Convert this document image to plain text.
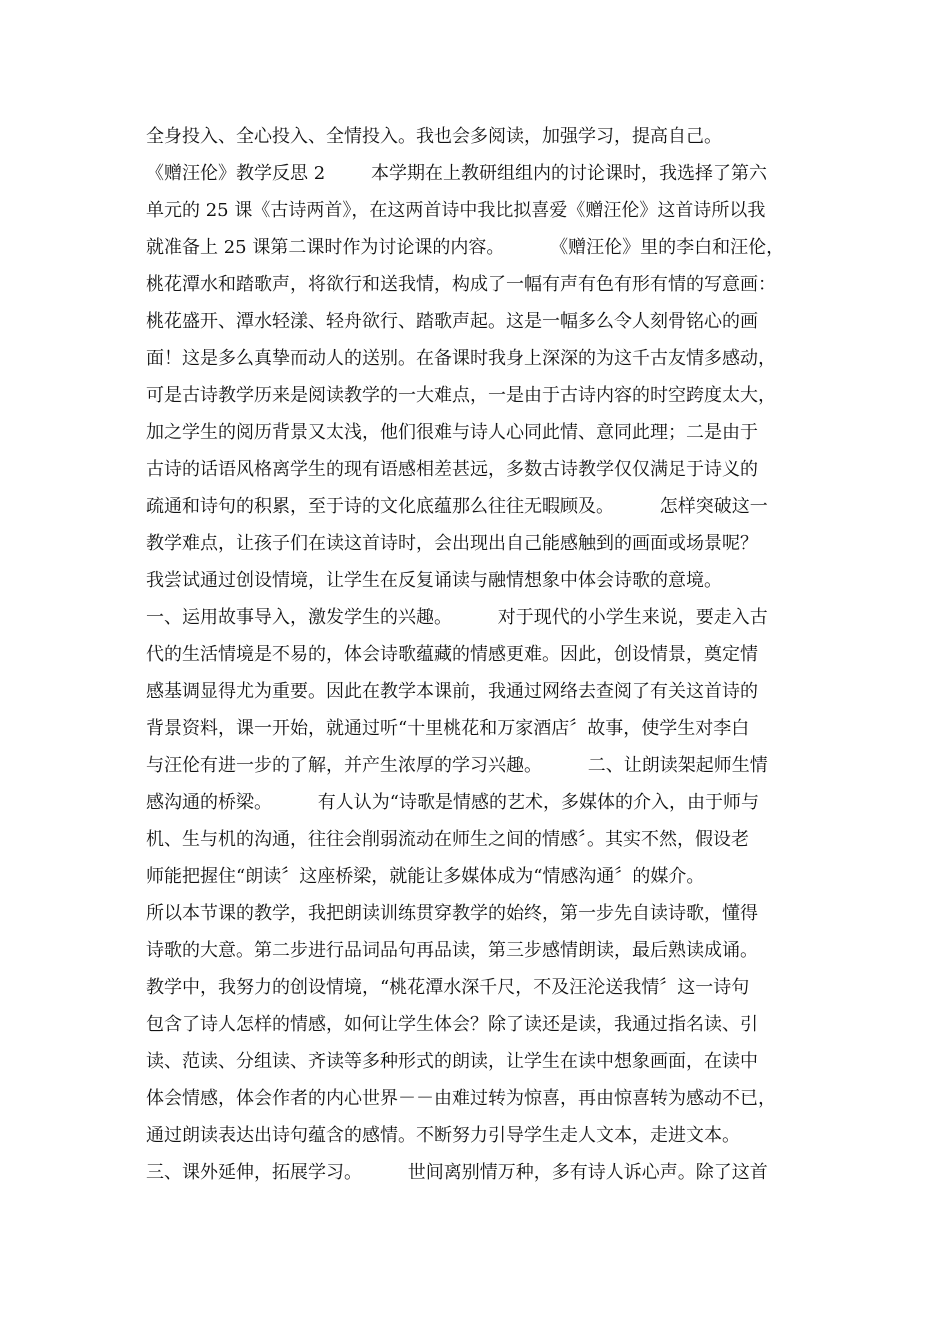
全身投入、全心投入、全情投入。我也会多阅读，加强学习，提高自己。
《赠汪伦》教学反思 2        本学期在上教研组组内的讨论课时，我选择了第六
单元的 25 课《古诗两首》，在这两首诗中我比拟喜爱《赠汪伦》这首诗所以我
就准备上 25 课第二课时作为讨论课的内容。        《赠汪伦》里的李白和汪伦，
桃花潭水和踏歌声，将欲行和送我情，构成了一幅有声有色有形有情的写意画：
桃花盛开、潭水轻漾、轻舟欲行、踏歌声起。这是一幅多么令人刻骨铭心的画
面！这是多么真挚而动人的送别。在备课时我身上深深的为这千古友情多感动，
可是古诗教学历来是阅读教学的一大难点，一是由于古诗内容的时空跨度太大，
加之学生的阅历背景又太浅，他们很难与诗人心同此情、意同此理；二是由于
古诗的话语风格离学生的现有语感相差甚远，多数古诗教学仅仅满足于诗义的
疏通和诗句的积累，至于诗的文化底蕴那么往往无暇顾及。        怎样突破这一
教学难点，让孩子们在读这首诗时，会出现出自己能感触到的画面或场景呢？
我尝试通过创设情境，让学生在反复诵读与融情想象中体会诗歌的意境。
一、运用故事导入，激发学生的兴趣。        对于现代的小学生来说，要走入古
代的生活情境是不易的，体会诗歌蕴藏的情感更难。因此，创设情景，奠定情
感基调显得尤为重要。因此在教学本课前，我通过网络去查阅了有关这首诗的
背景资料，课一开始，就通过听“十里桃花和万家酒店〞故事，使学生对李白
与汪伦有进一步的了解，并产生浓厚的学习兴趣。        二、让朗读架起师生情
感沟通的桥梁。        有人认为“诗歌是情感的艺术，多媒体的介入，由于师与
机、生与机的沟通，往往会削弱流动在师生之间的情感〞。其实不然，假设老
师能把握住“朗读〞这座桥梁，就能让多媒体成为“情感沟通〞的媒介。
所以本节课的教学，我把朗读训练贯穿教学的始终，第一步先自读诗歌，懂得
诗歌的大意。第二步进行品词品句再品读，第三步感情朗读，最后熟读成诵。
教学中，我努力的创设情境，“桃花潭水深千尺，不及汪沦送我情〞这一诗句
包含了诗人怎样的情感，如何让学生体会？除了读还是读，我通过指名读、引
读、范读、分组读、齐读等多种形式的朗读，让学生在读中想象画面，在读中
体会情感，体会作者的内心世界－－由难过转为惊喜，再由惊喜转为感动不已，
通过朗读表达出诗句蕴含的感情。不断努力引导学生走人文本，走进文本。
三、课外延伸，拓展学习。        世间离别情万种，多有诗人诉心声。除了这首
